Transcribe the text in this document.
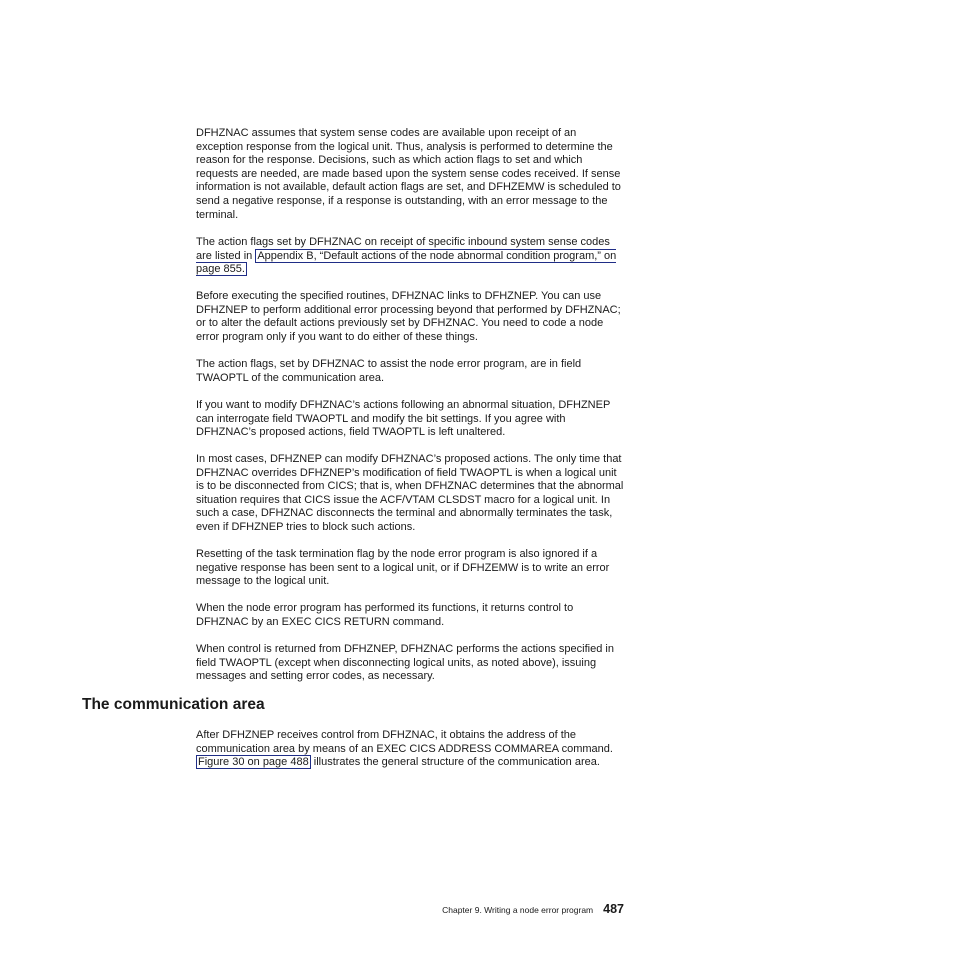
DFHZNAC assumes that system sense codes are available upon receipt of an exception response from the logical unit. Thus, analysis is performed to determine the reason for the response. Decisions, such as which action flags to set and which requests are needed, are made based upon the system sense codes received. If sense information is not available, default action flags are set, and DFHZEMW is scheduled to send a negative response, if a response is outstanding, with an error message to the terminal.

The action flags set by DFHZNAC on receipt of specific inbound system sense codes are listed in Appendix B, “Default actions of the node abnormal condition program,” on page 855.

Before executing the specified routines, DFHZNAC links to DFHZNEP. You can use DFHZNEP to perform additional error processing beyond that performed by DFHZNAC; or to alter the default actions previously set by DFHZNAC. You need to code a node error program only if you want to do either of these things.

The action flags, set by DFHZNAC to assist the node error program, are in field TWAOPTL of the communication area.

If you want to modify DFHZNAC’s actions following an abnormal situation, DFHZNEP can interrogate field TWAOPTL and modify the bit settings. If you agree with DFHZNAC’s proposed actions, field TWAOPTL is left unaltered.

In most cases, DFHZNEP can modify DFHZNAC’s proposed actions. The only time that DFHZNAC overrides DFHZNEP’s modification of field TWAOPTL is when a logical unit is to be disconnected from CICS; that is, when DFHZNAC determines that the abnormal situation requires that CICS issue the ACF/VTAM CLSDST macro for a logical unit. In such a case, DFHZNAC disconnects the terminal and abnormally terminates the task, even if DFHZNEP tries to block such actions.

Resetting of the task termination flag by the node error program is also ignored if a negative response has been sent to a logical unit, or if DFHZEMW is to write an error message to the logical unit.

When the node error program has performed its functions, it returns control to DFHZNAC by an EXEC CICS RETURN command.

When control is returned from DFHZNEP, DFHZNAC performs the actions specified in field TWAOPTL (except when disconnecting logical units, as noted above), issuing messages and setting error codes, as necessary.

The communication area

After DFHZNEP receives control from DFHZNAC, it obtains the address of the communication area by means of an EXEC CICS ADDRESS COMMAREA command. Figure 30 on page 488 illustrates the general structure of the communication area.

Chapter 9. Writing a node error program 487
